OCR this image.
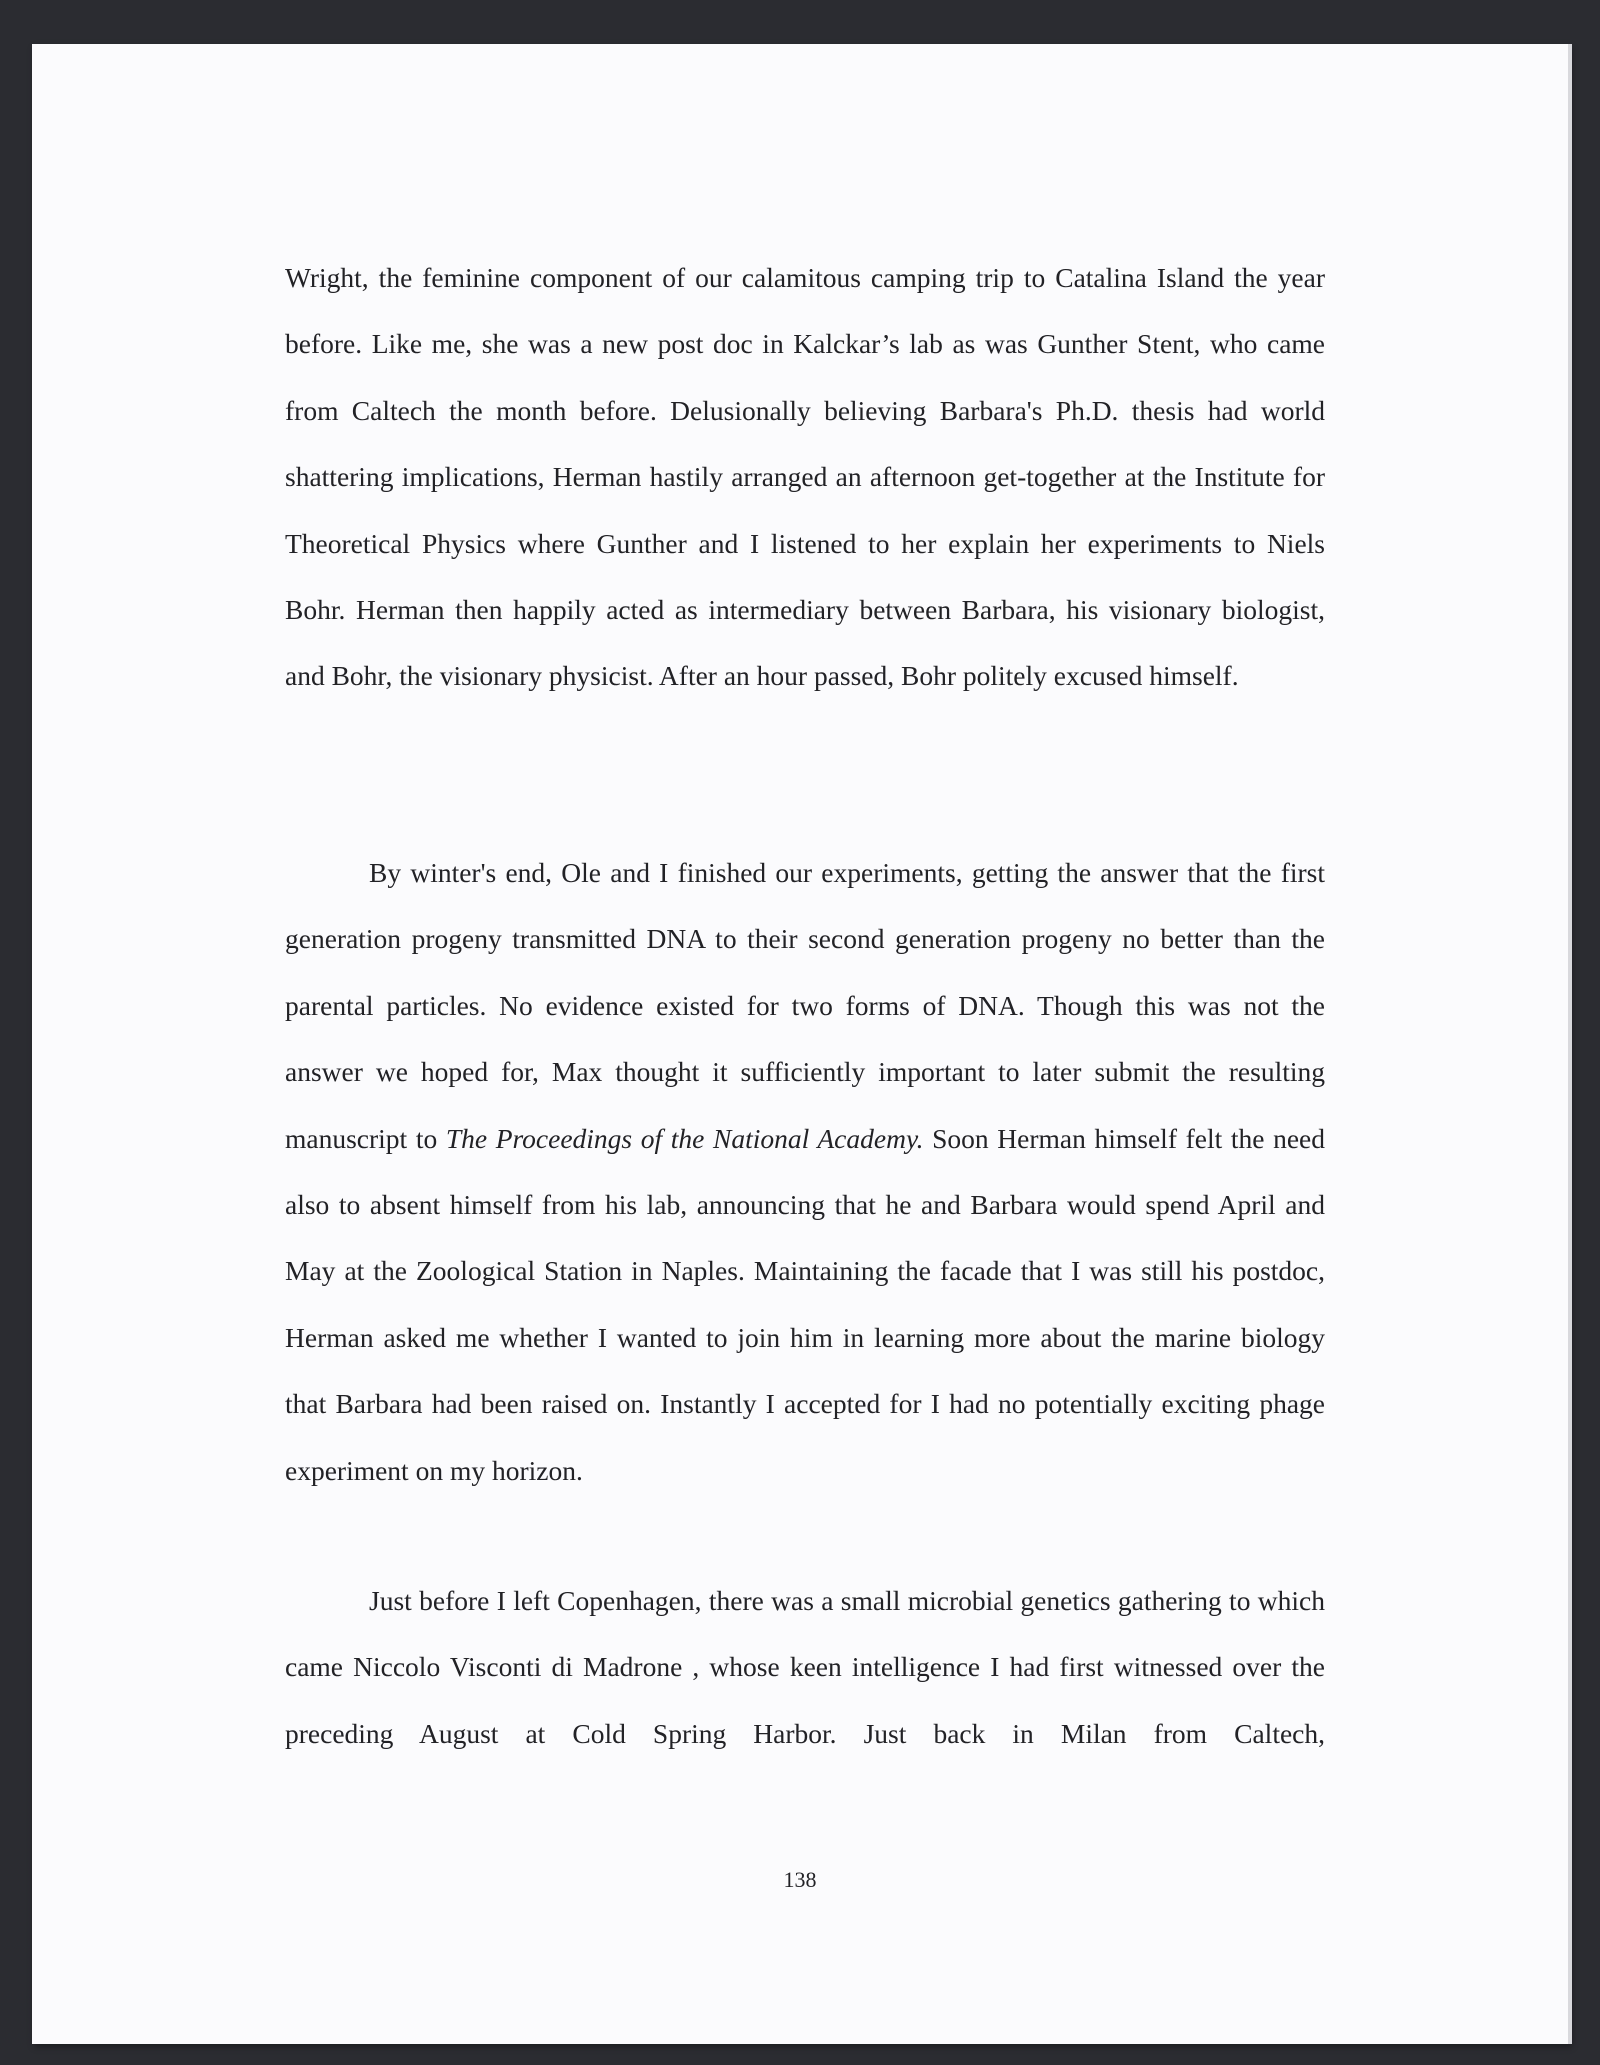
Wright, the feminine component of our calamitous camping trip to Catalina Island the year before. Like me, she was a new post doc in Kalckar’s lab as was Gunther Stent, who came from Caltech the month before. Delusionally believing Barbara's Ph.D. thesis had world shattering implications, Herman hastily arranged an afternoon get-together at the Institute for Theoretical Physics where Gunther and I listened to her explain her experiments to Niels Bohr. Herman then happily acted as intermediary between Barbara, his visionary biologist, and Bohr, the visionary physicist. After an hour passed, Bohr politely excused himself.

By winter's end, Ole and I finished our experiments, getting the answer that the first generation progeny transmitted DNA to their second generation progeny no better than the parental particles. No evidence existed for two forms of DNA. Though this was not the answer we hoped for, Max thought it sufficiently important to later submit the resulting manuscript to The Proceedings of the National Academy. Soon Herman himself felt the need also to absent himself from his lab, announcing that he and Barbara would spend April and May at the Zoological Station in Naples. Maintaining the facade that I was still his postdoc, Herman asked me whether I wanted to join him in learning more about the marine biology that Barbara had been raised on. Instantly I accepted for I had no potentially exciting phage experiment on my horizon.

Just before I left Copenhagen, there was a small microbial genetics gathering to which came Niccolo Visconti di Madrone , whose keen intelligence I had first witnessed over the preceding August at Cold Spring Harbor. Just back in Milan from Caltech,

138
